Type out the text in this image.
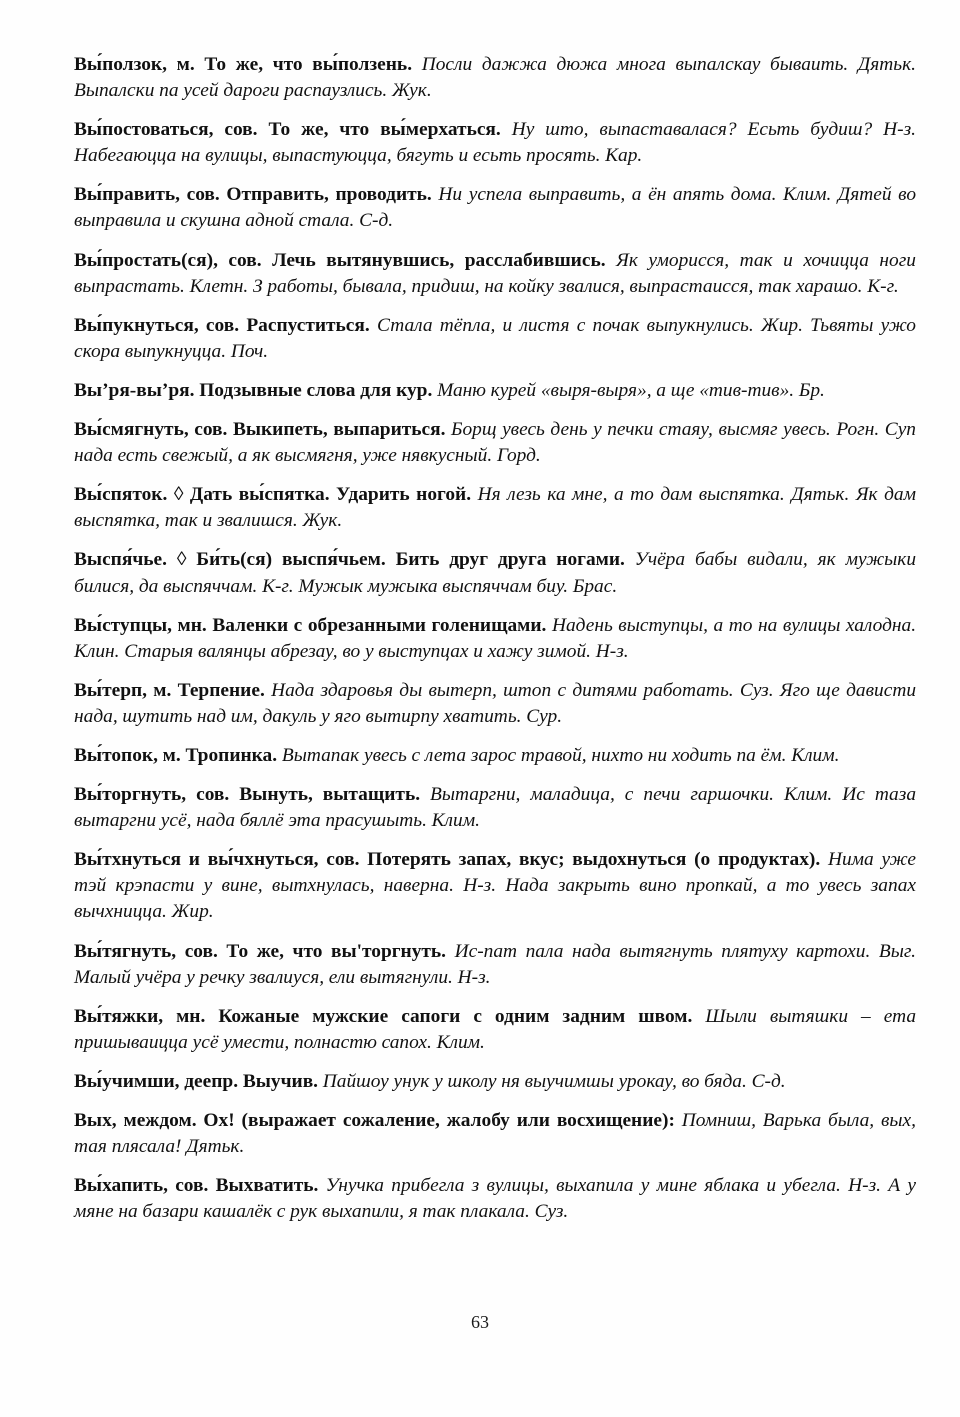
Вы́ползок, м. То же, что вы́ползень. Посли дажжа дюжа многа выпалскау бываить. Дятьк. Выпалски па усей дароги распаузлись. Жук.

Вы́постоваться, сов. То же, что вы́мерхаться. Ну што, выпаставалася? Есьть будиш? Н-з. Набегаюцца на вулицы, выпастуюцца, бягуть и есьть просять. Кар.

Вы́править, сов. Отправить, проводить. Ни успела выправить, а ён апять дома. Клим. Дятей во выправила и скушна адной стала. С-д.

Вы́простать(ся), сов. Лечь вытянувшись, расслабившись. Як умориcся, так и хочицца ноги выпрастать. Клетн. З работы, бывала, придиш, на койку звалися, выпрастаисся, так харашо. К-г.

Вы́пукнуться, сов. Распуститься. Стала тёпла, и листя с почак выпукнулись. Жир. Тьвяты ужо скора выпукнуцца. Поч.

Вы’ря-вы’ря. Подзывные слова для кур. Маню курей «выря-выря», а ще «тив-тив». Бр.

Вы́смягнуть, сов. Выкипеть, выпариться. Борщ увесь день у печки стаяу, высмяг увесь. Рогн. Суп нада есть свежый, а як высмягня, уже нявкусный. Горд.

Вы́спяток. ◊ Дать вы́спятка. Ударить ногой. Ня лезь ка мне, а то дам выспятка. Дятьк. Як дам выспятка, так и звалишся. Жук.

Выспя́чье. ◊ Би́ть(ся) выспя́чьем. Бить друг друга ногами. Учёра бабы видали, як мужыки билися, да выспяччам. К-г. Мужык мужыка выспяччам биу. Брас.

Вы́ступцы, мн. Валенки с обрезанными голенищами. Надень выступцы, а то на вулицы халодна. Клин. Старыя валянцы абрезау, во у выступцах и хажу зимой. Н-з.

Вы́терп, м. Терпение. Нада здаровья ды вытерп, штоп с дитями работать. Суз. Яго ще дависти нада, шутить над им, дакуль у яго вытирпу хватить. Сур.

Вы́топок, м. Тропинка. Вытапак увесь с лета зарос травой, нихто ни ходить па ём. Клим.

Вы́торгнуть, сов. Вынуть, вытащить. Вытаргни, маладица, с печи гаршочки. Клим. Ис таза вытаргни усё, нада бяллё эта прасушыть. Клим.

Вы́тхнуться и вы́чхнуться, сов. Потерять запах, вкус; выдохнуться (о продуктах). Нима уже тэй крэпасти у вине, вытхнулась, наверна. Н-з. Нада закрыть вино пропкай, а то увесь запах вычхницца. Жир.

Вы́тягнуть, сов. То же, что вы'торгнуть. Ис-пат пала нада вытягнуть плятуху картохи. Выг. Малый учёра у речку звалиуся, ели вытягнули. Н-з.

Вы́тяжки, мн. Кожаные мужские сапоги с одним задним швом. Шыли вытяшки – ета пришываицца усё умести, полнастю сапох. Клим.

Вы́учимши, деепр. Выучив. Пайшоу унук у школу ня выучимшы урокау, во бяда. С-д.

Вых, междом. Ох! (выражает сожаление, жалобу или восхищение): Помниш, Варька была, вых, тая плясала! Дятьк.

Вы́хапить, сов. Выхватить. Унучка прибегла з вулицы, выхапила у мине яблака и убегла. Н-з. А у мяне на базари кашалёк с рук выхапили, я так плакала. Суз.

63
